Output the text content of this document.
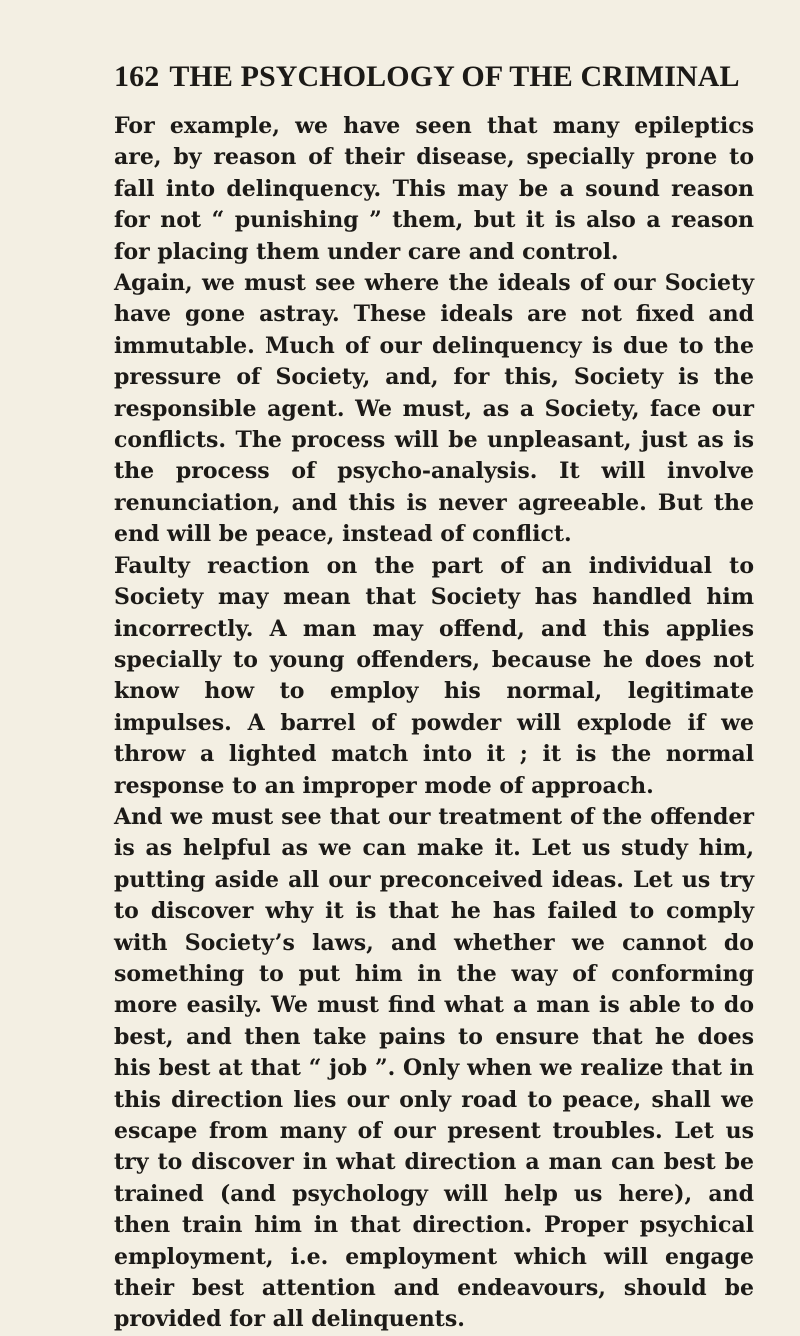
162 THE PSYCHOLOGY OF THE CRIMINAL

For example, we have seen that many epileptics are, by reason of their disease, specially prone to fall into delinquency. This may be a sound reason for not “ punishing ” them, but it is also a reason for placing them under care and control.

Again, we must see where the ideals of our Society have gone astray. These ideals are not fixed and immutable. Much of our delinquency is due to the pressure of Society, and, for this, Society is the responsible agent. We must, as a Society, face our conflicts. The process will be unpleasant, just as is the process of psycho-analysis. It will involve renunciation, and this is never agreeable. But the end will be peace, instead of conflict.

Faulty reaction on the part of an individual to Society may mean that Society has handled him incorrectly. A man may offend, and this applies specially to young offenders, because he does not know how to employ his normal, legitimate impulses. A barrel of powder will explode if we throw a lighted match into it ; it is the normal response to an improper mode of approach.

And we must see that our treatment of the offender is as helpful as we can make it. Let us study him, putting aside all our preconceived ideas. Let us try to discover why it is that he has failed to comply with Society’s laws, and whether we cannot do something to put him in the way of conforming more easily. We must find what a man is able to do best, and then take pains to ensure that he does his best at that “ job ”. Only when we realize that in this direction lies our only road to peace, shall we escape from many of our present troubles. Let us try to discover in what direction a man can best be trained (and psychology will help us here), and then train him in that direction. Proper psychical employment, i.e. employment which will engage their best attention and endeavours, should be provided for all delinquents.
